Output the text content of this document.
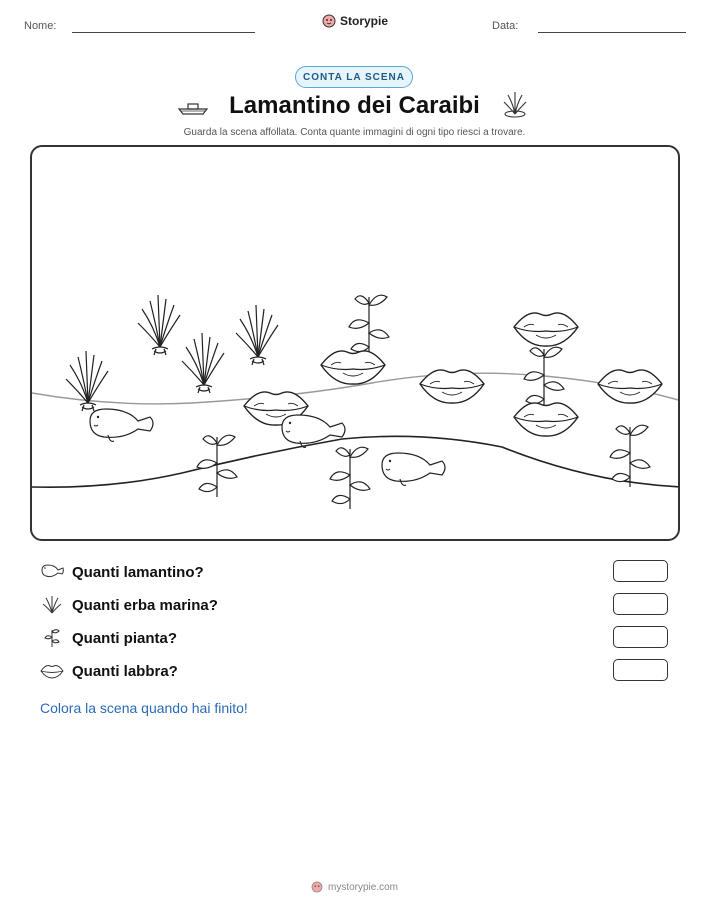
Nome:	Storypie	Data:
CONTA LA SCENA
Lamantino dei Caraibi
Guarda la scena affollata. Conta quante immagini di ogni tipo riesci a trovare.
Quanti lamantino?
Quanti erba marina?
Quanti pianta?
Quanti labbra?
Colora la scena quando hai finito!
mystorypie.com
